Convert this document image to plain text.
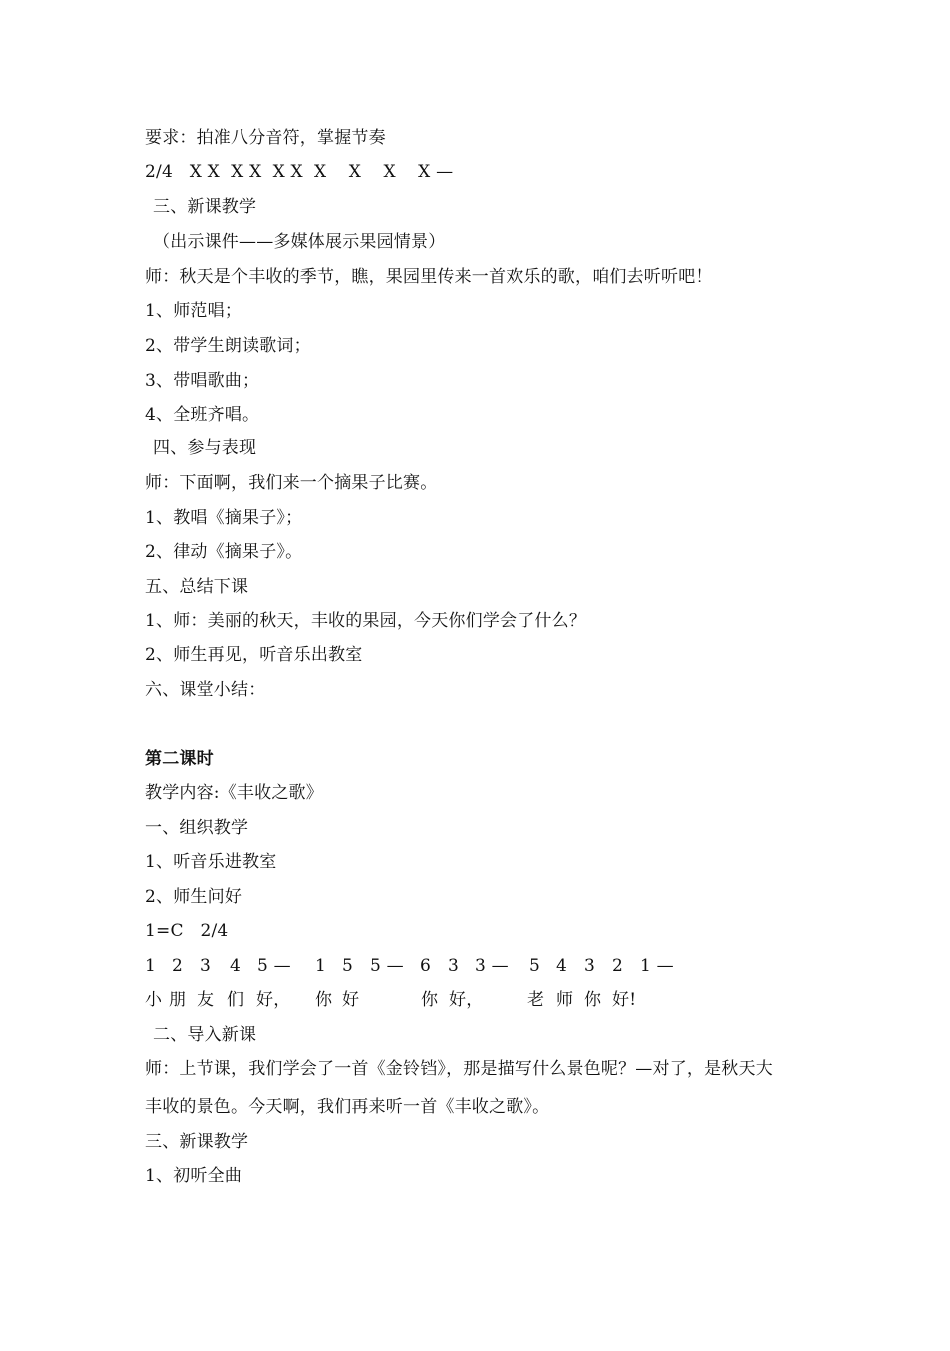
要求：拍准八分音符，掌握节奏
2/4   X X  X X  X X  X    X    X    X —
三、新课教学
（出示课件——多媒体展示果园情景）
师：秋天是个丰收的季节，瞧，果园里传来一首欢乐的歌，咱们去听听吧！
1、师范唱；
2、带学生朗读歌词；
3、带唱歌曲；
4、全班齐唱。
四、参与表现
师：下面啊，我们来一个摘果子比赛。
1、教唱《摘果子》；
2、律动《摘果子》。
五、总结下课
1、师：美丽的秋天，丰收的果园，今天你们学会了什么？
2、师生再见，听音乐出教室
六、课堂小结：
第二课时
教学内容:《丰收之歌》
一、组织教学
1、听音乐进教室
2、师生问好
1=C   2/4

1

2

3

4

5 —

1

5

5 —

6

3

3 —

5

4

3

2

1 —

小

朋

友

们

好，

你

好

	你

好，

	老

师

你

好!

二、导入新课
师：上节课，我们学会了一首《金铃铛》，那是描写什么景色呢？—对了，是秋天大
丰收的景色。今天啊，我们再来听一首《丰收之歌》。
三、新课教学
1、初听全曲
